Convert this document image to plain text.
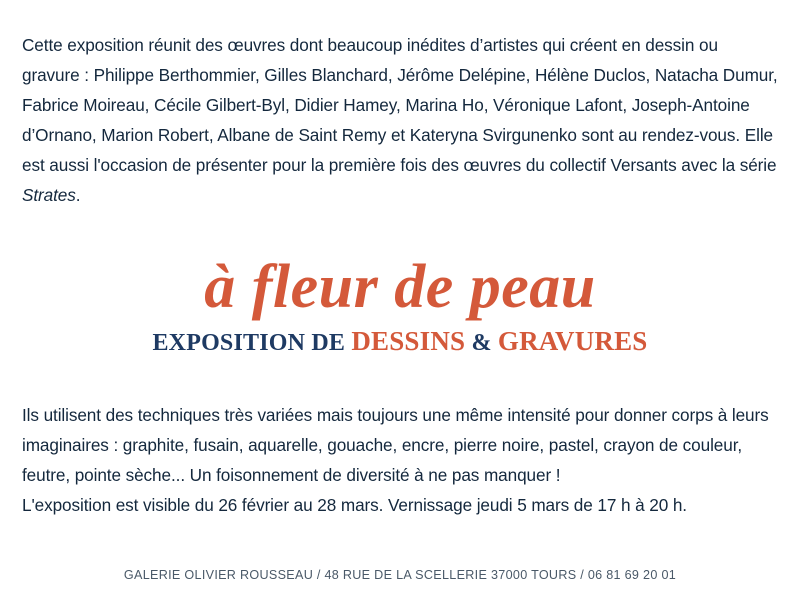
Cette exposition réunit des œuvres dont beaucoup inédites d’artistes qui créent en dessin ou gravure : Philippe Berthommier, Gilles Blanchard, Jérôme Delépine, Hélène Duclos, Natacha Dumur, Fabrice Moireau, Cécile Gilbert-Byl, Didier Hamey, Marina Ho, Véronique Lafont, Joseph-Antoine d’Ornano, Marion Robert, Albane de Saint Remy et Kateryna Svirgunenko sont au rendez-vous. Elle est aussi l'occasion de présenter pour la première fois des œuvres du collectif Versants avec la série Strates.

à fleur de peau
EXPOSITION DE DESSINS & GRAVURES

Ils utilisent des techniques très variées mais toujours une même intensité pour donner corps à leurs imaginaires : graphite, fusain, aquarelle, gouache, encre, pierre noire, pastel, crayon de couleur, feutre, pointe sèche... Un foisonnement de diversité à ne pas manquer !

L'exposition est visible du 26 février au 28 mars. Vernissage jeudi 5 mars de 17 h à 20 h.

GALERIE OLIVIER ROUSSEAU / 48 RUE DE LA SCELLERIE 37000 TOURS / 06 81 69 20 01
